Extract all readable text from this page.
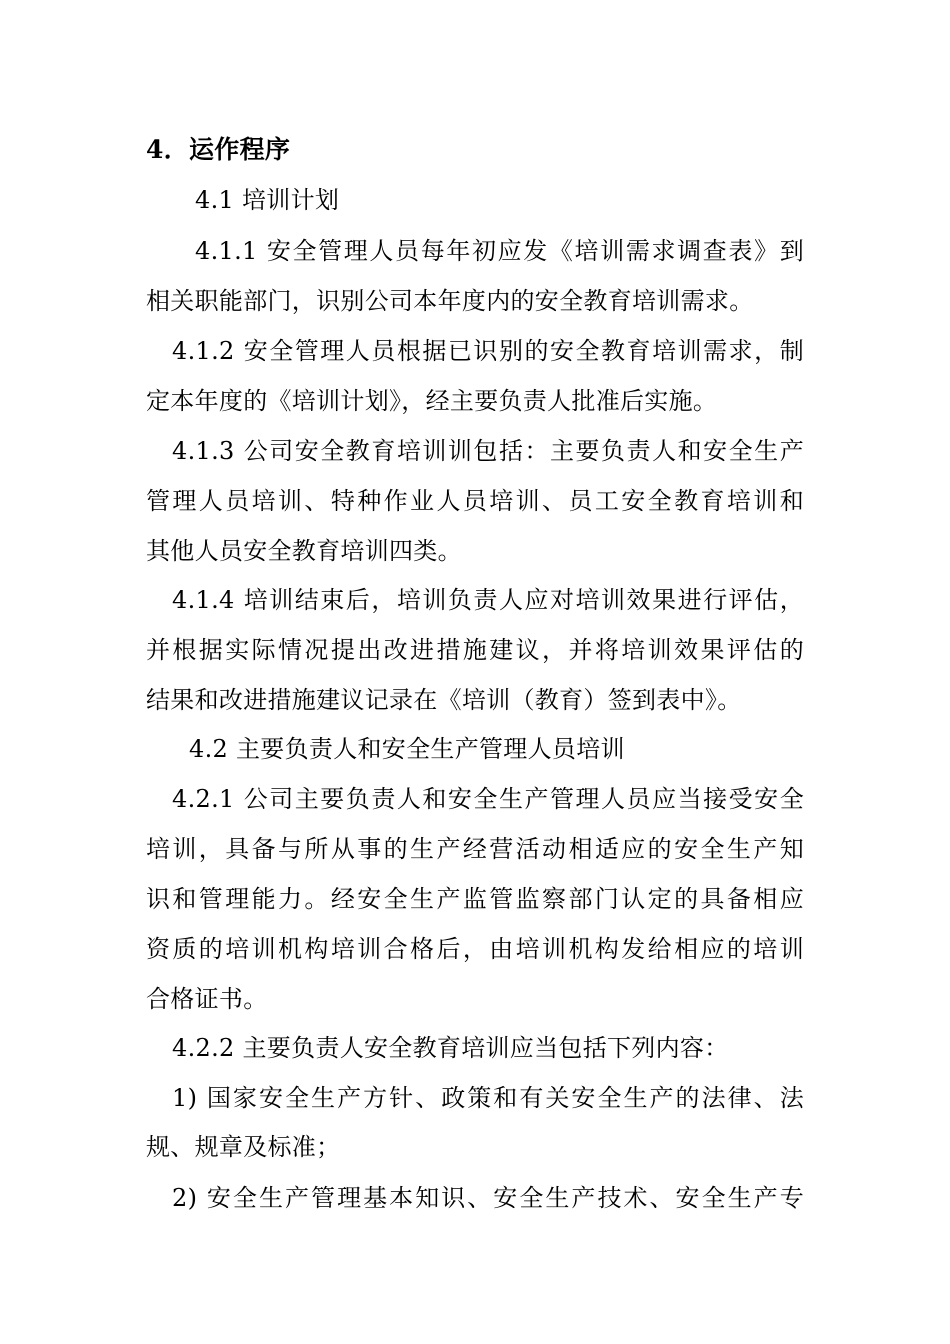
4．运作程序
4.1 培训计划
4.1.1 安全管理人员每年初应发《培训需求调查表》到
相关职能部门，识别公司本年度内的安全教育培训需求。
4.1.2 安全管理人员根据已识别的安全教育培训需求，制
定本年度的《培训计划》，经主要负责人批准后实施。
4.1.3 公司安全教育培训训包括：主要负责人和安全生产
管理人员培训、特种作业人员培训、员工安全教育培训和
其他人员安全教育培训四类。
4.1.4 培训结束后，培训负责人应对培训效果进行评估，
并根据实际情况提出改进措施建议，并将培训效果评估的
结果和改进措施建议记录在《培训（教育）签到表中》。
4.2 主要负责人和安全生产管理人员培训
4.2.1 公司主要负责人和安全生产管理人员应当接受安全
培训，具备与所从事的生产经营活动相适应的安全生产知
识和管理能力。经安全生产监管监察部门认定的具备相应
资质的培训机构培训合格后，由培训机构发给相应的培训
合格证书。
4.2.2 主要负责人安全教育培训应当包括下列内容：
1) 国家安全生产方针、政策和有关安全生产的法律、法
规、规章及标准；
2) 安全生产管理基本知识、安全生产技术、安全生产专
